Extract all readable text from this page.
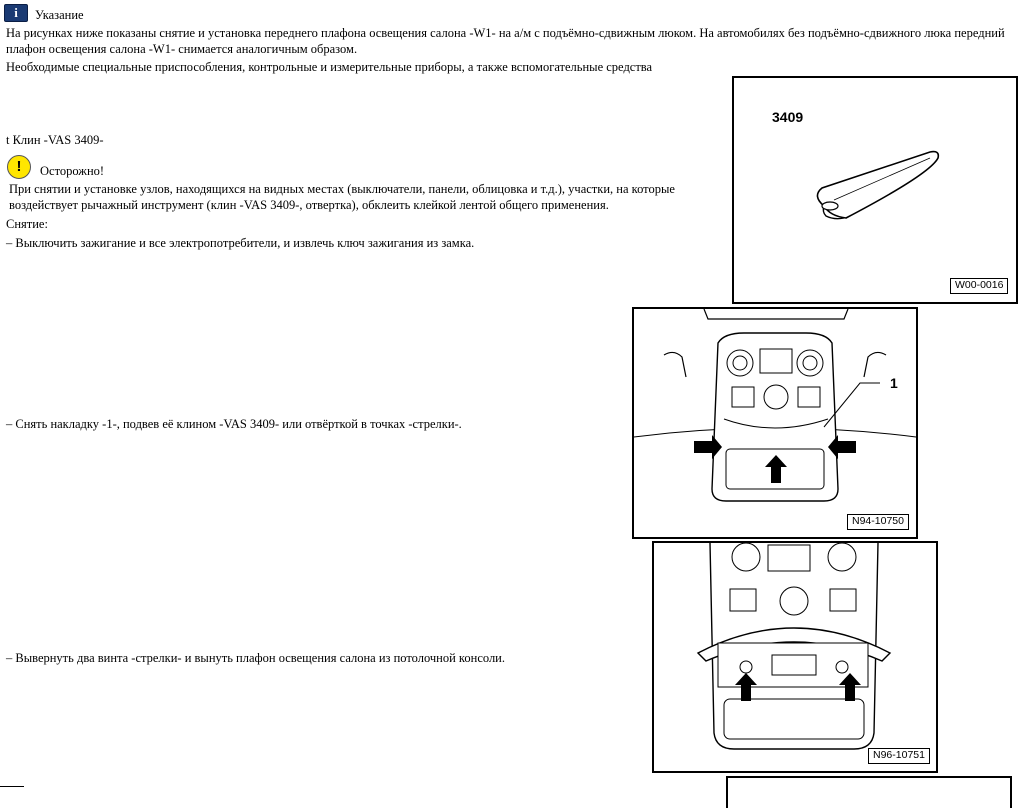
i	Указание
На рисунках ниже показаны снятие и установка переднего плафона освещения салона -W1- на а/м с подъёмно-сдвижным люком. На автомобилях без подъёмно-сдвижного люка передний
плафон освещения салона -W1- снимается аналогичным образом.
Необходимые специальные приспособления, контрольные и измерительные приборы, а также вспомогательные средства
t Клин -VAS 3409-
!	Осторожно!
При снятии и установке узлов, находящихся на видных местах (выключатели, панели, облицовка и т.д.), участки, на которые
воздействует рычажный инструмент (клин -VAS 3409-, отвертка), обклеить клейкой лентой общего применения.
Снятие:
– Выключить зажигание и все электропотребители, и извлечь ключ зажигания из замка.
– Снять накладку -1-, подвев её клином -VAS 3409- или отвёрткой в точках -стрелки-.
– Вывернуть два винта -стрелки- и вынуть плафон освещения салона из потолочной консоли.
3409
W00-0016
1
N94-10750
N96-10751
